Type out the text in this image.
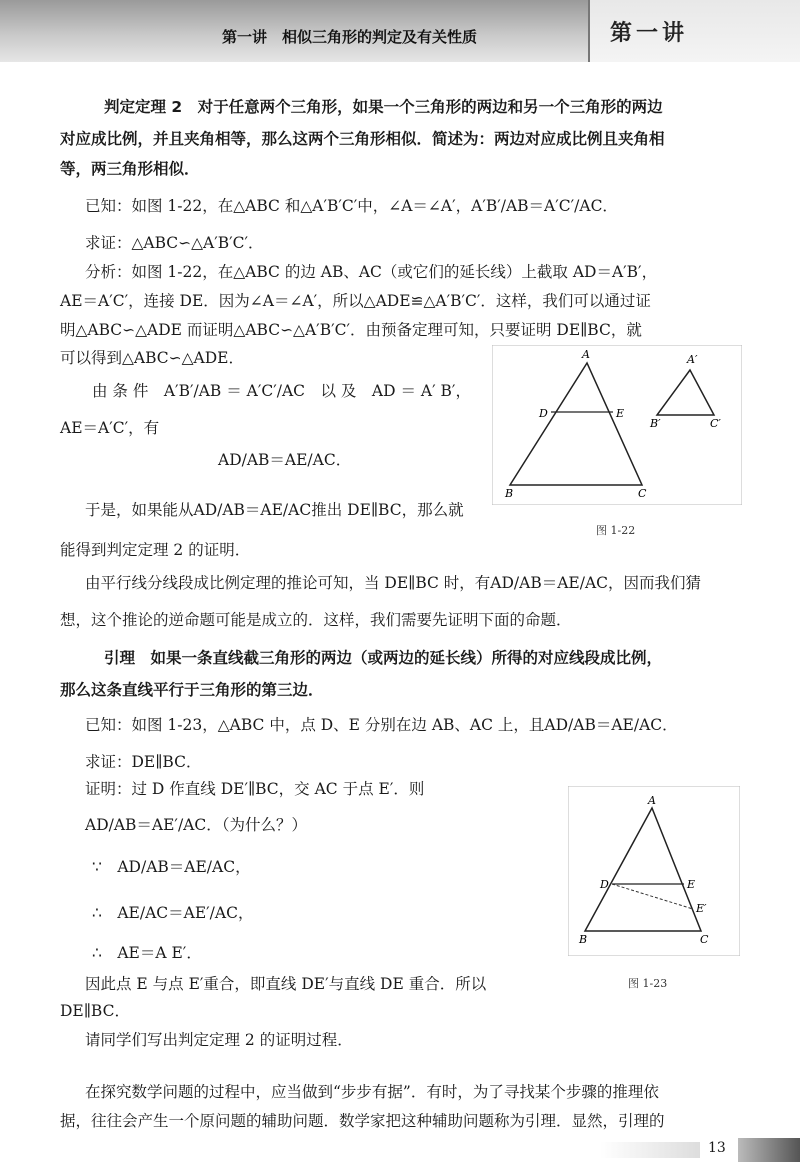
第一讲　相似三角形的判定及有关性质	第一讲
判定定理 2　对于任意两个三角形，如果一个三角形的两边和另一个三角形的两边
对应成比例，并且夹角相等，那么这两个三角形相似．简述为：两边对应成比例且夹角相
等，两三角形相似．
已知：如图 1-22，在△ABC 和△A′B′C′中，∠A＝∠A′，A′B′/AB＝A′C′/AC．
求证：△ABC∽△A′B′C′．
分析：如图 1-22，在△ABC 的边 AB、AC（或它们的延长线）上截取 AD＝A′B′，
AE＝A′C′，连接 DE．因为∠A＝∠A′，所以△ADE≌△A′B′C′．这样，我们可以通过证
明△ABC∽△ADE 而证明△ABC∽△A′B′C′．由预备定理可知，只要证明 DE∥BC，就
可以得到△ABC∽△ADE．
由 条 件　A′B′/AB ＝ A′C′/AC　以 及　AD ＝ A′ B′，
AE＝A′C′，有
AD/AB＝AE/AC．
于是，如果能从AD/AB＝AE/AC推出 DE∥BC，那么就
能得到判定定理 2 的证明．
由平行线分线段成比例定理的推论可知，当 DE∥BC 时，有AD/AB＝AE/AC，因而我们猜
想，这个推论的逆命题可能是成立的．这样，我们需要先证明下面的命题．
引理　如果一条直线截三角形的两边（或两边的延长线）所得的对应线段成比例，
那么这条直线平行于三角形的第三边．
已知：如图 1-23，△ABC 中，点 D、E 分别在边 AB、AC 上，且AD/AB＝AE/AC．
求证：DE∥BC．
证明：过 D 作直线 DE′∥BC，交 AC 于点 E′．则
AD/AB＝AE′/AC．（为什么？）
∵　AD/AB＝AE/AC，
∴　AE/AC＝AE′/AC，
∴　AE＝A E′．
因此点 E 与点 E′重合，即直线 DE′与直线 DE 重合．所以
DE∥BC．
请同学们写出判定定理 2 的证明过程．
在探究数学问题的过程中，应当做到“步步有据”．有时，为了寻找某个步骤的推理依
据，往往会产生一个原问题的辅助问题．数学家把这种辅助问题称为引理．显然，引理的
A
D	E
B	C
A′
B′	C′
图 1-22
A
D	E
E′
B	C
图 1-23
13
